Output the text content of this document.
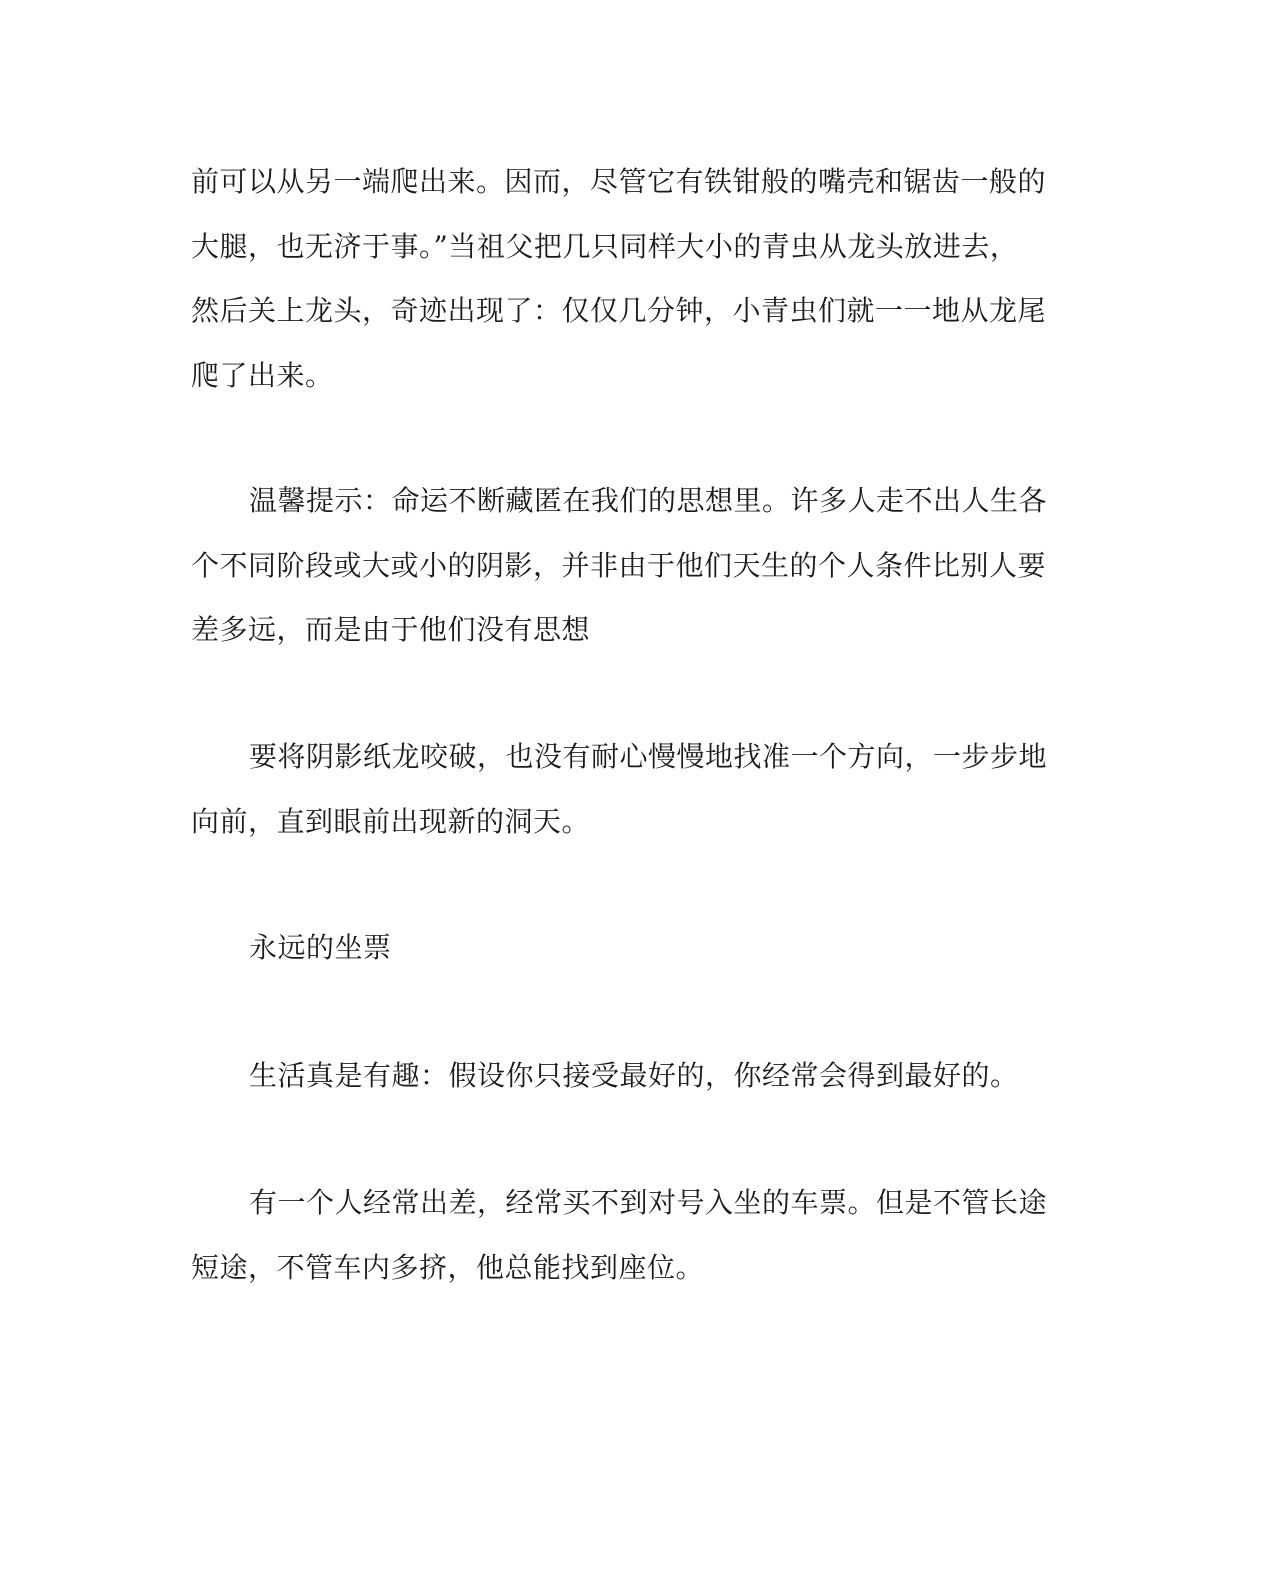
前可以从另一端爬出来。因而，尽管它有铁钳般的嘴壳和锯齿一般的
大腿，也无济于事。”当祖父把几只同样大小的青虫从龙头放进去，
然后关上龙头，奇迹出现了：仅仅几分钟，小青虫们就一一地从龙尾
爬了出来。
温馨提示：命运不断藏匿在我们的思想里。许多人走不出人生各
个不同阶段或大或小的阴影，并非由于他们天生的个人条件比别人要
差多远，而是由于他们没有思想
要将阴影纸龙咬破，也没有耐心慢慢地找准一个方向，一步步地
向前，直到眼前出现新的洞天。
永远的坐票
生活真是有趣：假设你只接受最好的，你经常会得到最好的。
有一个人经常出差，经常买不到对号入坐的车票。但是不管长途
短途，不管车内多挤，他总能找到座位。
